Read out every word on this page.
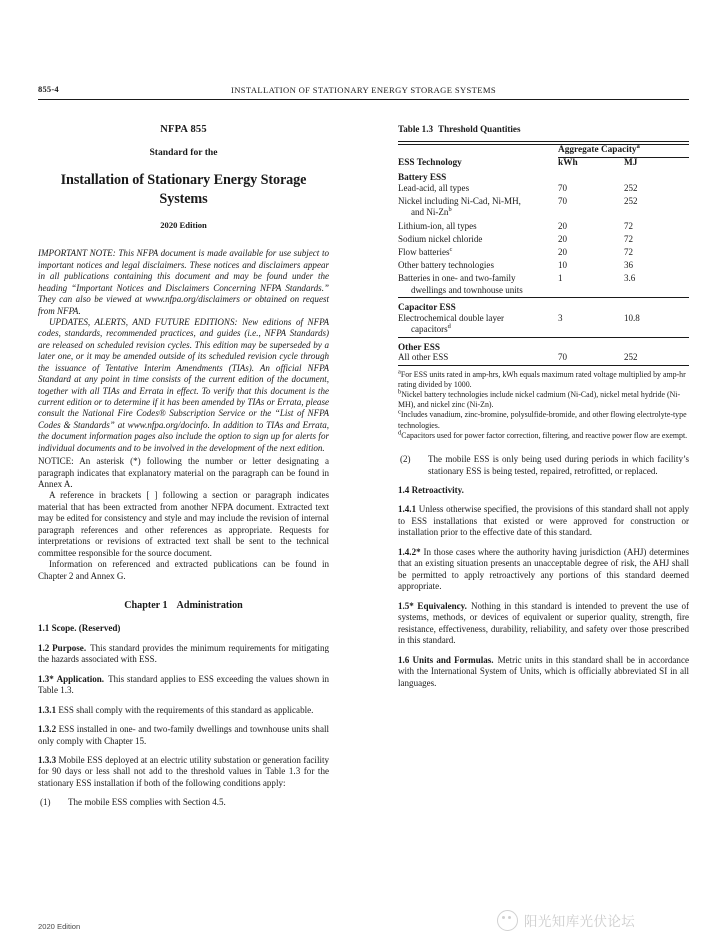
855-4	INSTALLATION OF STATIONARY ENERGY STORAGE SYSTEMS
NFPA 855
Standard for the
Installation of Stationary Energy Storage Systems
2020 Edition

IMPORTANT NOTE: This NFPA document is made available for use subject to important notices and legal disclaimers. These notices and disclaimers appear in all publications containing this document and may be found under the heading “Important Notices and Disclaimers Concerning NFPA Standards.” They can also be viewed at www.nfpa.org/disclaimers or obtained on request from NFPA.

UPDATES, ALERTS, AND FUTURE EDITIONS: New editions of NFPA codes, standards, recommended practices, and guides (i.e., NFPA Standards) are released on scheduled revision cycles. This edition may be superseded by a later one, or it may be amended outside of its scheduled revision cycle through the issuance of Tentative Interim Amendments (TIAs). An official NFPA Standard at any point in time consists of the current edition of the document, together with all TIAs and Errata in effect. To verify that this document is the current edition or to determine if it has been amended by TIAs or Errata, please consult the National Fire Codes® Subscription Service or the “List of NFPA Codes & Standards” at www.nfpa.org/docinfo. In addition to TIAs and Errata, the document information pages also include the option to sign up for alerts for individual documents and to be involved in the development of the next edition.

NOTICE: An asterisk (*) following the number or letter designating a paragraph indicates that explanatory material on the paragraph can be found in Annex A.

A reference in brackets [ ] following a section or paragraph indicates material that has been extracted from another NFPA document. Extracted text may be edited for consistency and style and may include the revision of internal paragraph references and other references as appropriate. Requests for interpretations or revisions of extracted text shall be sent to the technical committee responsible for the source document.

Information on referenced and extracted publications can be found in Chapter 2 and Annex G.

Chapter 1 Administration

1.1 Scope. (Reserved)

1.2 Purpose. This standard provides the minimum requirements for mitigating the hazards associated with ESS.

1.3* Application. This standard applies to ESS exceeding the values shown in Table 1.3.

1.3.1 ESS shall comply with the requirements of this standard as applicable.

1.3.2 ESS installed in one- and two-family dwellings and townhouse units shall only comply with Chapter 15.

1.3.3 Mobile ESS deployed at an electric utility substation or generation facility for 90 days or less shall not add to the threshold values in Table 1.3 for the stationary ESS installation if both of the following conditions apply:

(1) The mobile ESS complies with Section 4.5.
Table 1.3 Threshold Quantities

	Aggregate Capacity$^a$
ESS Technology	kWh	MJ
Battery ESS		

Lead-acid, all types	70	252

Nickel including Ni-Cad, Ni-MH,
and Ni-Zn$^b$	70	252

Lithium-ion, all types	20	72

Sodium nickel chloride	20	72

Flow batteries$^c$	20	72

Other battery technologies	10	36

Batteries in one- and two-family
dwellings and townhouse units	1	3.6
Capacitor ESS		

Electrochemical double layer
capacitors$^d$	3	10.8
Other ESS		

All other ESS	70	252

$^a$For ESS units rated in amp-hrs, kWh equals maximum rated voltage multiplied by amp-hr rating divided by 1000.

$^b$Nickel battery technologies include nickel cadmium (Ni-Cad), nickel metal hydride (Ni-MH), and nickel zinc (Ni-Zn).

$^c$Includes vanadium, zinc-bromine, polysulfide-bromide, and other flowing electrolyte-type technologies.

$^d$Capacitors used for power factor correction, filtering, and reactive power flow are exempt.

(2) The mobile ESS is only being used during periods in which facility’s stationary ESS is being tested, repaired, retrofitted, or replaced.

1.4 Retroactivity.

1.4.1 Unless otherwise specified, the provisions of this standard shall not apply to ESS installations that existed or were approved for construction or installation prior to the effective date of this standard.

1.4.2* In those cases where the authority having jurisdiction (AHJ) determines that an existing situation presents an unacceptable degree of risk, the AHJ shall be permitted to apply retroactively any portions of this standard deemed appropriate.

1.5* Equivalency. Nothing in this standard is intended to prevent the use of systems, methods, or devices of equivalent or superior quality, strength, fire resistance, effectiveness, durability, reliability, and safety over those prescribed in this standard.

1.6 Units and Formulas. Metric units in this standard shall be in accordance with the International System of Units, which is officially abbreviated SI in all languages.

2020 Edition	阳光知库光伏论坛
